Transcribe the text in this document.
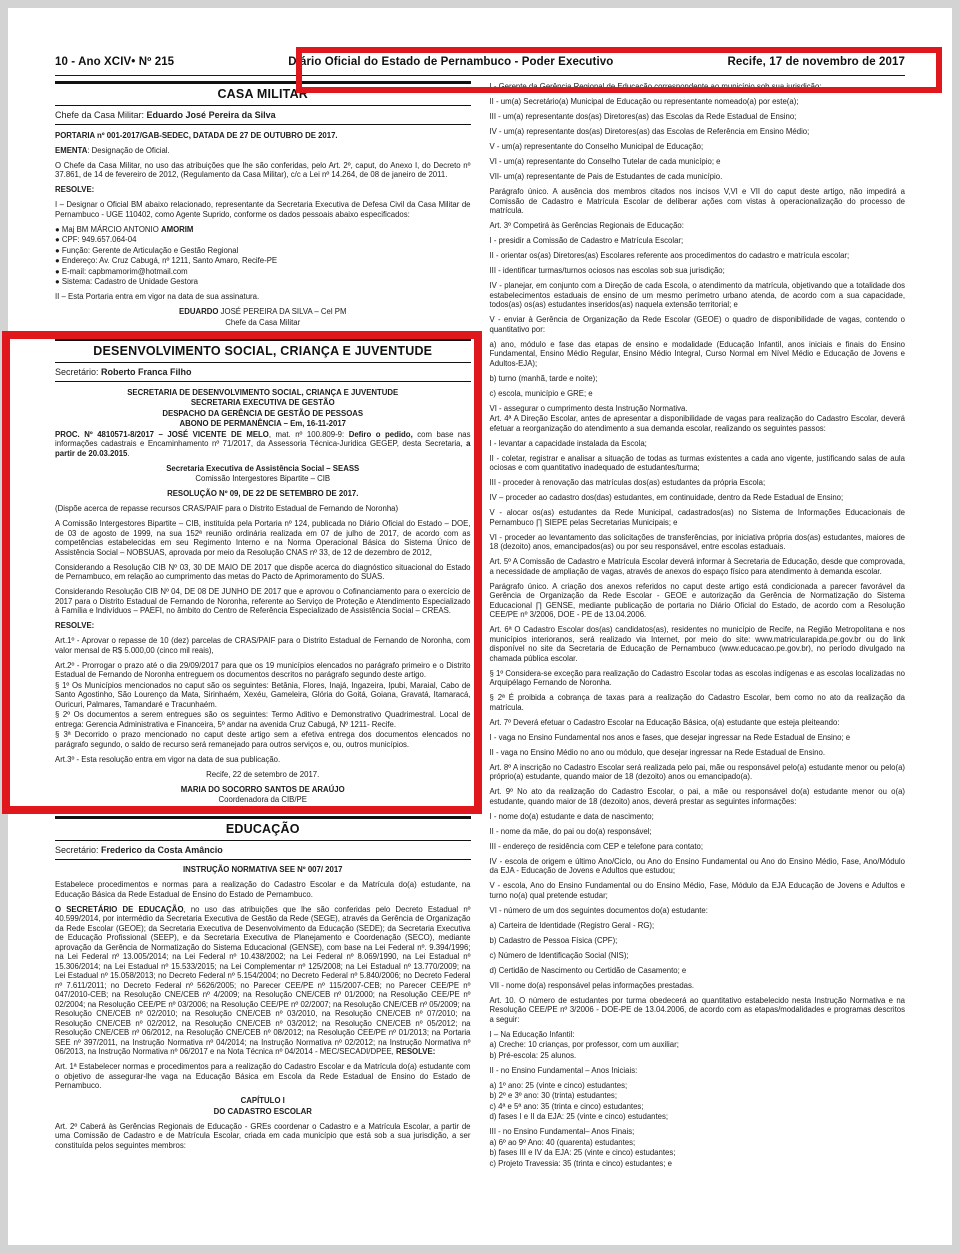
10 - Ano XCIV• Nº 215	Diário Oficial do Estado de Pernambuco - Poder Executivo	Recife, 17 de novembro de 2017
CASA MILITAR
Chefe da Casa Militar: Eduardo José Pereira da Silva

PORTARIA nº 001-2017/GAB-SEDEC, DATADA DE 27 DE OUTUBRO DE 2017.

EMENTA: Designação de Oficial.

O Chefe da Casa Militar, no uso das atribuições que lhe são conferidas, pelo Art. 2º, caput, do Anexo I, do Decreto nº 37.861, de 14 de fevereiro de 2012, (Regulamento da Casa Militar), c/c a Lei nº 14.264, de 08 de janeiro de 2011.

RESOLVE:

I – Designar o Oficial BM abaixo relacionado, representante da Secretaria Executiva de Defesa Civil da Casa Militar de Pernambuco - UGE 110402, como Agente Suprido, conforme os dados pessoais abaixo especificados:

● Maj BM MÁRCIO ANTONIO AMORIM

● CPF: 949.657.064-04

● Função: Gerente de Articulação e Gestão Regional

● Endereço: Av. Cruz Cabugá, nº 1211, Santo Amaro, Recife-PE

● E-mail: capbmamorim@hotmail.com

● Sistema: Cadastro de Unidade Gestora

II – Esta Portaria entra em vigor na data de sua assinatura.

EDUARDO JOSÉ PEREIRA DA SILVA – Cel PM

Chefe da Casa Militar

DESENVOLVIMENTO SOCIAL, CRIANÇA E JUVENTUDE
Secretário: Roberto Franca Filho

SECRETARIA DE DESENVOLVIMENTO SOCIAL, CRIANÇA E JUVENTUDE

SECRETARIA EXECUTIVA DE GESTÃO

DESPACHO DA GERÊNCIA DE GESTÃO DE PESSOAS

ABONO DE PERMANÊNCIA – Em, 16-11-2017

PROC. Nº 4810571-8/2017 – JOSÉ VICENTE DE MELO, mat. nº 100.809-9: Defiro o pedido, com base nas informações cadastrais e Encaminhamento nº 71/2017, da Assessoria Técnica-Juridica GEGEP, desta Secretaria, a partir de 20.03.2015.

Secretaria Executiva de Assistência Social – SEASS

Comissão Intergestores Bipartite – CIB

RESOLUÇÃO Nº 09, DE 22 DE SETEMBRO DE 2017.

(Dispõe acerca de repasse recursos CRAS/PAIF para o Distrito Estadual de Fernando de Noronha)

A Comissão Intergestores Bipartite – CIB, instituída pela Portaria nº 124, publicada no Diário Oficial do Estado – DOE, de 03 de agosto de 1999, na sua 152ª reunião ordinária realizada em 07 de julho de 2017, de acordo com as competências estabelecidas em seu Regimento Interno e na Norma Operacional Básica do Sistema Único de Assistência Social – NOBSUAS, aprovada por meio da Resolução CNAS nº 33, de 12 de dezembro de 2012,

Considerando a Resolução CIB Nº 03, 30 DE MAIO DE 2017 que dispõe acerca do diagnóstico situacional do Estado de Pernambuco, em relação ao cumprimento das metas do Pacto de Aprimoramento do SUAS.

Considerando Resolução CIB Nº 04, DE 08 DE JUNHO DE 2017 que e aprovou o Cofinanciamento para o exercício de 2017 para o Distrito Estadual de Fernando de Noronha, referente ao Serviço de Proteção e Atendimento Especializado à Família e Indivíduos – PAEFI, no âmbito do Centro de Referência Especializado de Assistência Social – CREAS.

RESOLVE:

Art.1º - Aprovar o repasse de 10 (dez) parcelas de CRAS/PAIF para o Distrito Estadual de Fernando de Noronha, com valor mensal de R$ 5.000,00 (cinco mil reais),

Art.2º - Prorrogar o prazo até o dia 29/09/2017 para que os 19 municípios elencados no parágrafo primeiro e o Distrito Estadual de Fernando de Noronha entreguem os documentos descritos no parágrafo segundo deste artigo.

§ 1º Os Municípios mencionados no caput são os seguintes: Betânia, Flores, Inajá, Ingazeira, Ipubi, Maraial, Cabo de Santo Agostinho, São Lourenço da Mata, Sirinhaém, Xexéu, Gameleira, Glória do Goitá, Goiana, Gravatá, Itamaracá, Ouricuri, Palmares, Tamandaré e Tracunhaém.

§ 2º Os documentos a serem entregues são os seguintes: Termo Aditivo e Demonstrativo Quadrimestral. Local de entrega: Gerencia Administrativa e Financeira, 5º andar na avenida Cruz Cabugá, Nº 1211- Recife.

§ 3ª Decorrido o prazo mencionado no caput deste artigo sem a efetiva entrega dos documentos elencados no parágrafo segundo, o saldo de recurso será remanejado para outros serviços e, ou, outros municípios.

Art.3º - Esta resolução entra em vigor na data de sua publicação.

Recife, 22 de setembro de 2017.

MARIA DO SOCORRO SANTOS DE ARAÚJO

Coordenadora da CIB/PE

EDUCAÇÃO
Secretário: Frederico da Costa Amâncio

INSTRUÇÃO NORMATIVA SEE Nº 007/ 2017

Estabelece procedimentos e normas para a realização do Cadastro Escolar e da Matrícula do(a) estudante, na Educação Básica da Rede Estadual de Ensino do Estado de Pernambuco.

O SECRETÁRIO DE EDUCAÇÃO, no uso das atribuições que lhe são conferidas pelo Decreto Estadual nº 40.599/2014, por intermédio da Secretaria Executiva de Gestão da Rede (SEGE), através da Gerência de Organização da Rede Escolar (GEOE); da Secretaria Executiva de Desenvolvimento da Educação (SEDE); da Secretaria Executiva de Educação Profissional (SEEP), e da Secretaria Executiva de Planejamento e Coordenação (SECO), mediante aprovação da Gerência de Normatização do Sistema Educacional (GENSE), com base na Lei Federal nº. 9.394/1996; na Lei Federal nº 13.005/2014; na Lei Federal nº 10.438/2002; na Lei Federal nº 8.069/1990, na Lei Estadual nº 15.306/2014; na Lei Estadual nº 15.533/2015; na Lei Complementar nº 125/2008; na Lei Estadual nº 13.770/2009; na Lei Estadual nº 15.058/2013; no Decreto Federal nº 5.154/2004; no Decreto Federal nº 5.840/2006; no Decreto Federal nº 7.611/2011; no Decreto Federal nº 5626/2005; no Parecer CEE/PE nº 115/2007-CEB; no Parecer CEE/PE nº 047/2010-CEB; na Resolução CNE/CEB nº 4/2009; na Resolução CNE/CEB nº 01/2000; na Resolução CEE/PE nº 02/2004; na Resolução CEE/PE nº 03/2006; na Resolução CEE/PE nº 02/2007; na Resolução CNE/CEB nº 05/2009; na Resolução CNE/CEB nº 02/2010; na Resolução CNE/CEB nº 03/2010, na Resolução CNE/CEB nº 07/2010; na Resolução CNE/CEB nº 02/2012, na Resolução CNE/CEB nº 03/2012; na Resolução CNE/CEB nº 05/2012; na Resolução CNE/CEB nº 06/2012, na Resolução CNE/CEB nº 08/2012; na Resolução CEE/PE nº 01/2013; na Portaria SEE nº 397/2011, na Instrução Normativa nº 04/2014; na Instrução Normativa nº 02/2012; na Instrução Normativa nº 06/2013, na Instrução Normativa nº 06/2017 e na Nota Técnica nº 04/2014 - MEC/SECADI/DPEE, RESOLVE:

Art. 1ª Estabelecer normas e procedimentos para a realização do Cadastro Escolar e da Matrícula do(a) estudante com o objetivo de assegurar-lhe vaga na Educação Básica em Escola da Rede Estadual de Ensino do Estado de Pernambuco.

CAPÍTULO I

DO CADASTRO ESCOLAR

Art. 2º Caberá às Gerências Regionais de Educação - GREs coordenar o Cadastro e a Matrícula Escolar, a partir de uma Comissão de Cadastro e de Matrícula Escolar, criada em cada município que está sob a sua jurisdição, a ser constituída pelos seguintes membros:

I - Gerente da Gerência Regional de Educação correspondente ao município sob sua jurisdição;

II - um(a) Secretário(a) Municipal de Educação ou representante nomeado(a) por este(a);

III - um(a) representante dos(as) Diretores(as) das Escolas da Rede Estadual de Ensino;

IV - um(a) representante dos(as) Diretores(as) das Escolas de Referência em Ensino Médio;

V - um(a) representante do Conselho Municipal de Educação;

VI - um(a) representante do Conselho Tutelar de cada município; e

VII- um(a) representante de Pais de Estudantes de cada município.

Parágrafo único. A ausência dos membros citados nos incisos V,VI e VII do caput deste artigo, não impedirá a Comissão de Cadastro e Matrícula Escolar de deliberar ações com vistas à operacionalização do processo de matrícula.

Art. 3º Competirá às Gerências Regionais de Educação:

I - presidir a Comissão de Cadastro e Matrícula Escolar;

II - orientar os(as) Diretores(as) Escolares referente aos procedimentos do cadastro e matrícula escolar;

III - identificar turmas/turnos ociosos nas escolas sob sua jurisdição;

IV - planejar, em conjunto com a Direção de cada Escola, o atendimento da matrícula, objetivando que a totalidade dos estabelecimentos estaduais de ensino de um mesmo perímetro urbano atenda, de acordo com a sua capacidade, todos(as) os(as) estudantes inseridos(as) naquela extensão territorial; e

V - enviar à Gerência de Organização da Rede Escolar (GEOE) o quadro de disponibilidade de vagas, contendo o quantitativo por:

a) ano, módulo e fase das etapas de ensino e modalidade (Educação Infantil, anos iniciais e finais do Ensino Fundamental, Ensino Médio Regular, Ensino Médio Integral, Curso Normal em Nível Médio e Educação de Jovens e Adultos-EJA);

b) turno (manhã, tarde e noite);

c) escola, município e GRE; e

VI - assegurar o cumprimento desta Instrução Normativa.

Art. 4ª A Direção Escolar, antes de apresentar a disponibilidade de vagas para realização do Cadastro Escolar, deverá efetuar a reorganização do atendimento a sua demanda escolar, realizando os seguintes passos:

I - levantar a capacidade instalada da Escola;

II - coletar, registrar e analisar a situação de todas as turmas existentes a cada ano vigente, justificando salas de aula ociosas e com quantitativo inadequado de estudantes/turma;

III - proceder à renovação das matrículas dos(as) estudantes da própria Escola;

IV – proceder ao cadastro dos(das) estudantes, em continuidade, dentro da Rede Estadual de Ensino;

V - alocar os(as) estudantes da Rede Municipal, cadastrados(as) no Sistema de Informações Educacionais de Pernambuco ∏ SIEPE pelas Secretarias Municipais; e

VI - proceder ao levantamento das solicitações de transferências, por iniciativa própria dos(as) estudantes, maiores de 18 (dezoito) anos, emancipados(as) ou por seu responsável, entre escolas estaduais.

Art. 5º A Comissão de Cadastro e Matrícula Escolar deverá informar à Secretaria de Educação, desde que comprovada, a necessidade de ampliação de vagas, através de anexos do espaço físico para atendimento à demanda escolar.

Parágrafo único. A criação dos anexos referidos no caput deste artigo está condicionada a parecer favorável da Gerência de Organização da Rede Escolar - GEOE e autorização da Gerência de Normatização do Sistema Educacional ∏ GENSE, mediante publicação de portaria no Diário Oficial do Estado, de acordo com a Resolução CEE/PE nº 3/2006, DOE - PE de 13.04.2006.

Art. 6ª O Cadastro Escolar dos(as) candidatos(as), residentes no município de Recife, na Região Metropolitana e nos municípios interioranos, será realizado via Internet, por meio do site: www.matricularapida.pe.gov.br ou do link disponível no site da Secretaria de Educação de Pernambuco (www.educacao.pe.gov.br), no período divulgado na chamada pública escolar.

§ 1º Considera-se exceção para realização do Cadastro Escolar todas as escolas indígenas e as escolas localizadas no Arquipélago Fernando de Noronha.

§ 2ª É proibida a cobrança de taxas para a realização do Cadastro Escolar, bem como no ato da realização da matrícula.

Art. 7º Deverá efetuar o Cadastro Escolar na Educação Básica, o(a) estudante que esteja pleiteando:

I - vaga no Ensino Fundamental nos anos e fases, que desejar ingressar na Rede Estadual de Ensino; e

II - vaga no Ensino Médio no ano ou módulo, que desejar ingressar na Rede Estadual de Ensino.

Art. 8º A inscrição no Cadastro Escolar será realizada pelo pai, mãe ou responsável pelo(a) estudante menor ou pelo(a) próprio(a) estudante, quando maior de 18 (dezoito) anos ou emancipado(a).

Art. 9º No ato da realização do Cadastro Escolar, o pai, a mãe ou responsável do(a) estudante menor ou o(a) estudante, quando maior de 18 (dezoito) anos, deverá prestar as seguintes informações:

I - nome do(a) estudante e data de nascimento;

II - nome da mãe, do pai ou do(a) responsável;

III - endereço de residência com CEP e telefone para contato;

IV - escola de origem e último Ano/Ciclo, ou Ano do Ensino Fundamental ou Ano do Ensino Médio, Fase, Ano/Módulo da EJA - Educação de Jovens e Adultos que estudou;

V - escola, Ano do Ensino Fundamental ou do Ensino Médio, Fase, Módulo da EJA Educação de Jovens e Adultos e turno no(a) qual pretende estudar;

VI - número de um dos seguintes documentos do(a) estudante:

a) Carteira de Identidade (Registro Geral - RG);

b) Cadastro de Pessoa Física (CPF);

c) Número de Identificação Social (NIS);

d) Certidão de Nascimento ou Certidão de Casamento; e

VII - nome do(a) responsável pelas informações prestadas.

Art. 10. O número de estudantes por turma obedecerá ao quantitativo estabelecido nesta Instrução Normativa e na Resolução CEE/PE nº 3/2006 - DOE-PE de 13.04.2006, de acordo com as etapas/modalidades e programas descritos a seguir:

I – Na Educação Infantil:

a) Creche: 10 crianças, por professor, com um auxiliar;

b) Pré-escola: 25 alunos.

II - no Ensino Fundamental – Anos Iniciais:

a) 1º ano: 25 (vinte e cinco) estudantes;

b) 2º e 3º ano: 30 (trinta) estudantes;

c) 4ª e 5ª ano: 35 (trinta e cinco) estudantes;

d) fases I e II da EJA: 25 (vinte e cinco) estudantes;

III - no Ensino Fundamental– Anos Finais;

a) 6º ao 9º Ano: 40 (quarenta) estudantes;

b) fases III e IV da EJA: 25 (vinte e cinco) estudantes;

c) Projeto Travessia: 35 (trinta e cinco) estudantes; e
